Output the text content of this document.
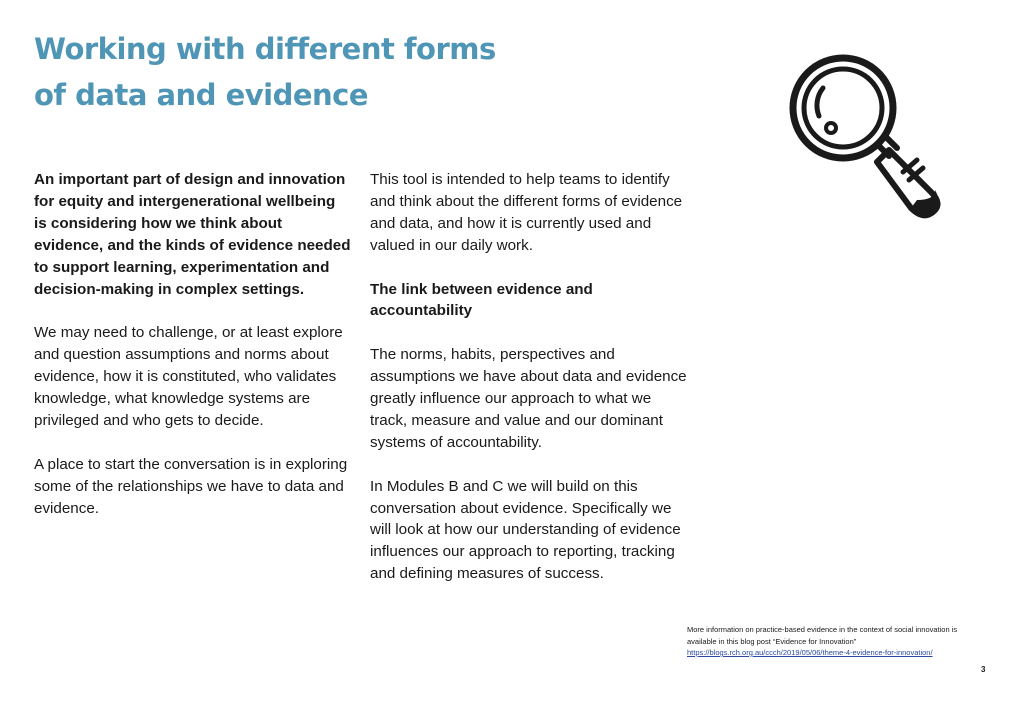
Working with different forms
of data and evidence

An important part of design and innovation for equity and intergenerational wellbeing is considering how we think about evidence, and the kinds of evidence needed to support learning, experimentation and decision-making in complex settings.

We may need to challenge, or at least explore and question assumptions and norms about evidence, how it is constituted, who validates knowledge, what knowledge systems are privileged and who gets to decide.

A place to start the conversation is in exploring some of the relationships we have to data and evidence.

This tool is intended to help teams to identify and think about the different forms of evidence and data, and how it is currently used and valued in our daily work.

The link between evidence and accountability

The norms, habits, perspectives and assumptions we have about data and evidence greatly influence our approach to what we track, measure and value and our dominant systems of accountability.

In Modules B and C we will build on this conversation about evidence. Specifically we will look at how our understanding of evidence influences our approach to reporting, tracking and defining measures of success.

More information on practice-based evidence in the context of social innovation is available in this blog post “Evidence for Innovation”
https://blogs.rch.org.au/ccch/2019/05/06/theme-4-evidence-for-innovation/
3
